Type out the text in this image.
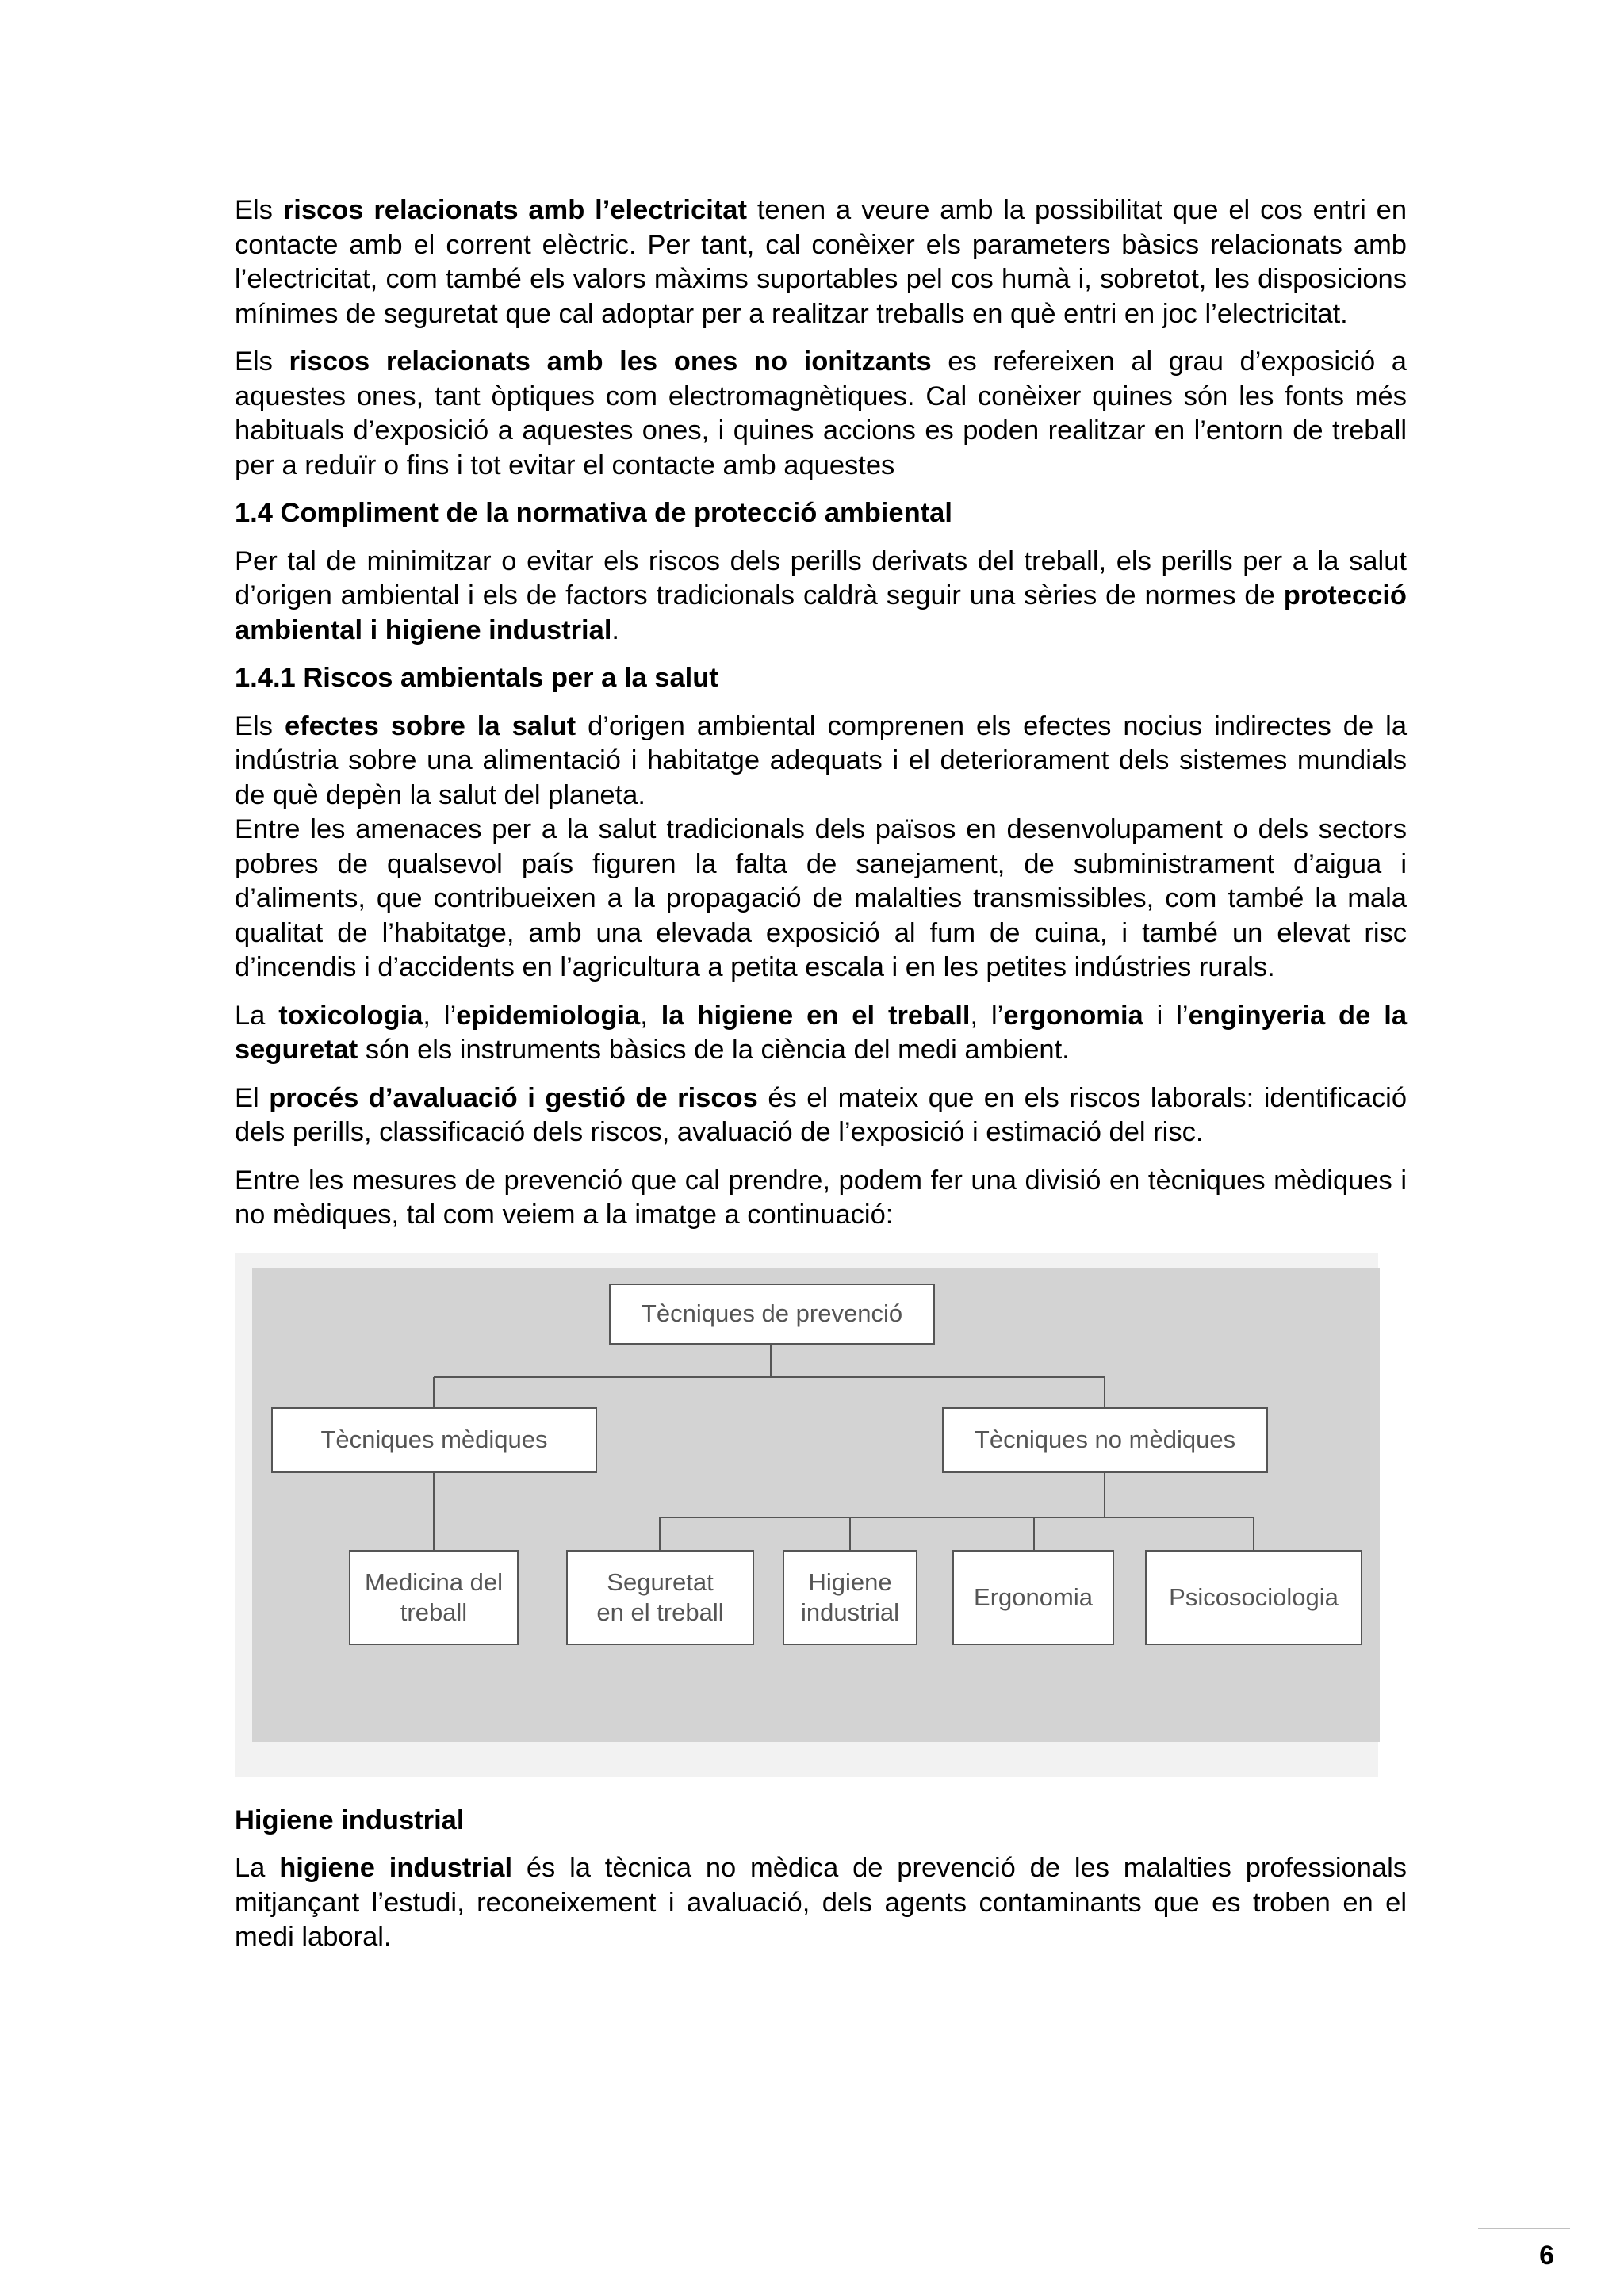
Els riscos relacionats amb l’electricitat tenen a veure amb la possibilitat que el cos entri en contacte amb el corrent elèctric. Per tant, cal conèixer els parameters bàsics relacionats amb l’electricitat, com també els valors màxims suportables pel cos humà i, sobretot, les disposicions mínimes de seguretat que cal adoptar per a realitzar treballs en què entri en joc l’electricitat.

Els riscos relacionats amb les ones no ionitzants es refereixen al grau d’exposició a aquestes ones, tant òptiques com electromagnètiques. Cal conèixer quines són les fonts més habituals d’exposició a aquestes ones, i quines accions es poden realitzar en l’entorn de treball per a reduïr o fins i tot evitar el contacte amb aquestes

1.4 Compliment de la normativa de protecció ambiental

Per tal de minimitzar o evitar els riscos dels perills derivats del treball, els perills per a la salut d’origen ambiental i els de factors tradicionals caldrà seguir una sèries de normes de protecció ambiental i higiene industrial.

1.4.1 Riscos ambientals per a la salut

Els efectes sobre la salut d’origen ambiental comprenen els efectes nocius indirectes de la indústria sobre una alimentació i habitatge adequats i el deteriorament dels sistemes mundials de què depèn la salut del planeta.

Entre les amenaces per a la salut tradicionals dels països en desenvolupament o dels sectors pobres de qualsevol país figuren la falta de sanejament, de subministrament d’aigua i d’aliments, que contribueixen a la propagació de malalties transmissibles, com també la mala qualitat de l’habitatge, amb una elevada exposició al fum de cuina, i també un elevat risc d’incendis i d’accidents en l’agricultura a petita escala i en les petites indústries rurals.

La toxicologia, l’epidemiologia, la higiene en el treball, l’ergonomia i l’enginyeria de la seguretat són els instruments bàsics de la ciència del medi ambient.

El procés d’avaluació i gestió de riscos és el mateix que en els riscos laborals: identificació dels perills, classificació dels riscos, avaluació de l’exposició i estimació del risc.

Entre les mesures de prevenció que cal prendre, podem fer una divisió en tècniques mèdiques i no mèdiques, tal com veiem a la imatge a continuació:

Tècniques de prevenció
Tècniques mèdiques	Tècniques no mèdiques
Medicina del
treball
Seguretat
en el treball
Higiene
industrial
Ergonomia	Psicosociologia
Higiene industrial

La higiene industrial és la tècnica no mèdica de prevenció de les malalties professionals mitjançant l’estudi, reconeixement i avaluació, dels agents contaminants que es troben en el medi laboral.

6
